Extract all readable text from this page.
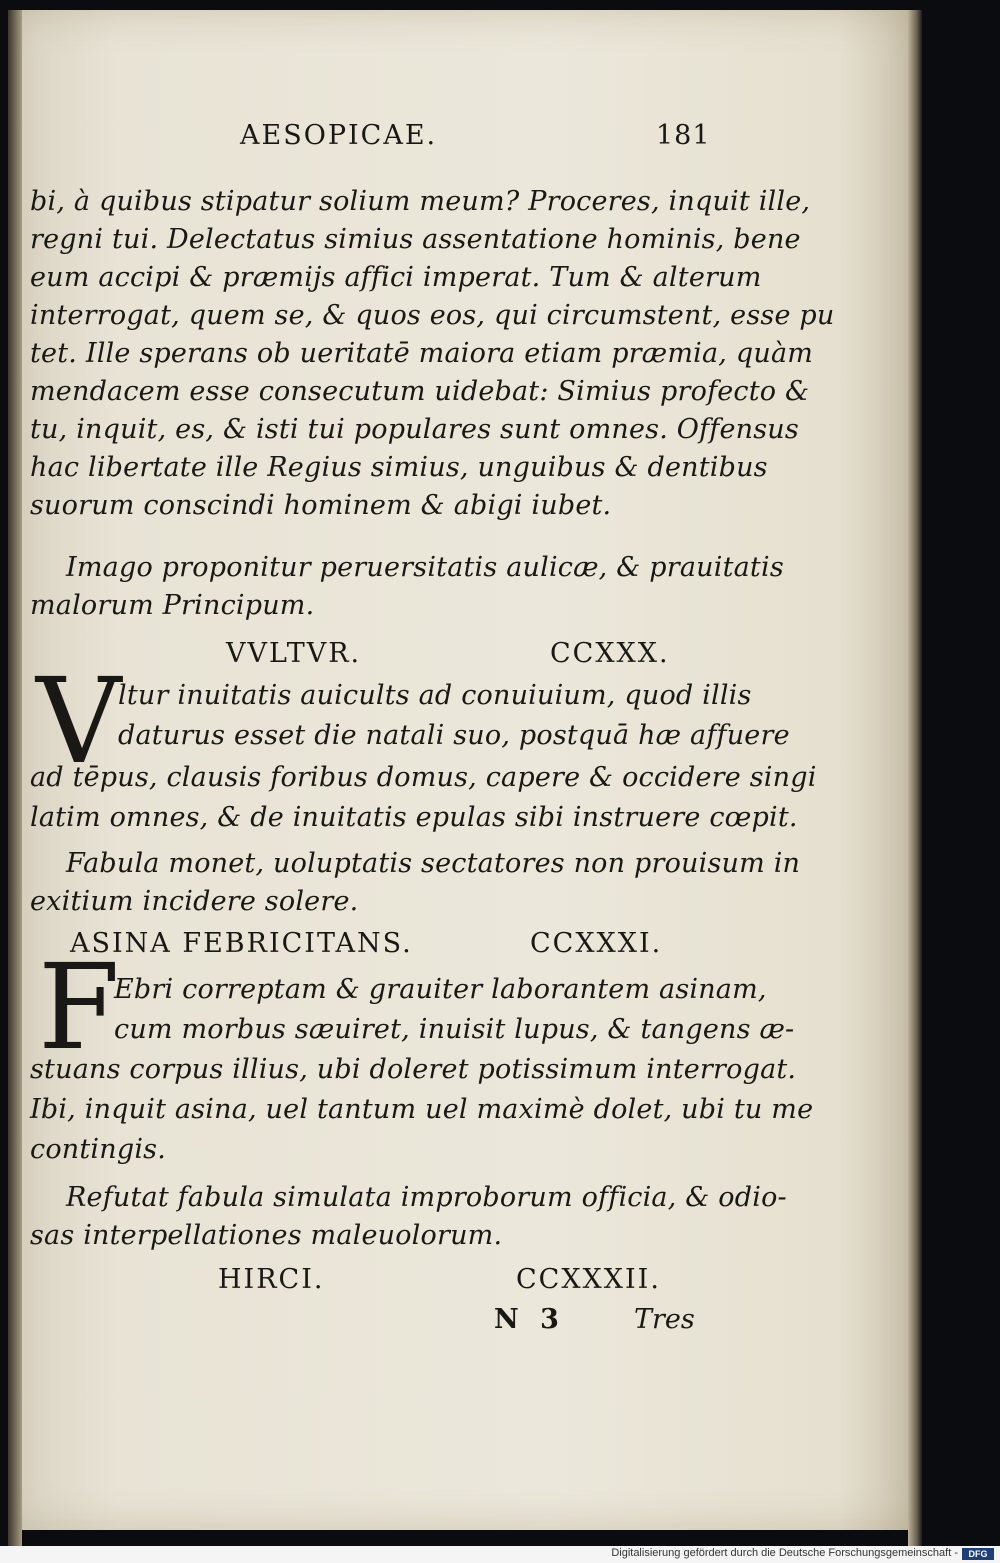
AESOPICAE.	181
bi, à quibus stipatur solium meum? Proceres, inquit ille,
regni tui. Delectatus simius assentatione hominis, bene
eum accipi & præmijs affici imperat. Tum & alterum
interrogat, quem se, & quos eos, qui circumstent, esse pu
tet. Ille sperans ob ueritatē maiora etiam præmia, quàm
mendacem esse consecutum uidebat: Simius profecto &
tu, inquit, es, & isti tui populares sunt omnes. Offensus
hac libertate ille Regius simius, unguibus & dentibus
suorum conscindi hominem & abigi iubet.
Imago proponitur peruersitatis aulicæ, & prauitatis
malorum Principum.
VVLTVR.	CCXXX.
V
ltur inuitatis auicults ad conuiuium, quod illis
daturus esset die natali suo, postquā hæ affuere
ad tēpus, clausis foribus domus, capere & occidere singi
latim omnes, & de inuitatis epulas sibi instruere cœpit.
Fabula monet, uoluptatis sectatores non prouisum in
exitium incidere solere.
ASINA FEBRICITANS.	CCXXXI.
F
Ebri correptam & grauiter laborantem asinam,
cum morbus sæuiret, inuisit lupus, & tangens æ-
stuans corpus illius, ubi doleret potissimum interrogat.
Ibi, inquit asina, uel tantum uel maximè dolet, ubi tu me
contingis.
Refutat fabula simulata improborum officia, & odio-
sas interpellationes maleuolorum.
HIRCI.	CCXXXII.
N 3	Tres
Digitalisierung gefördert durch die Deutsche Forschungsgemeinschaft -	DFG
